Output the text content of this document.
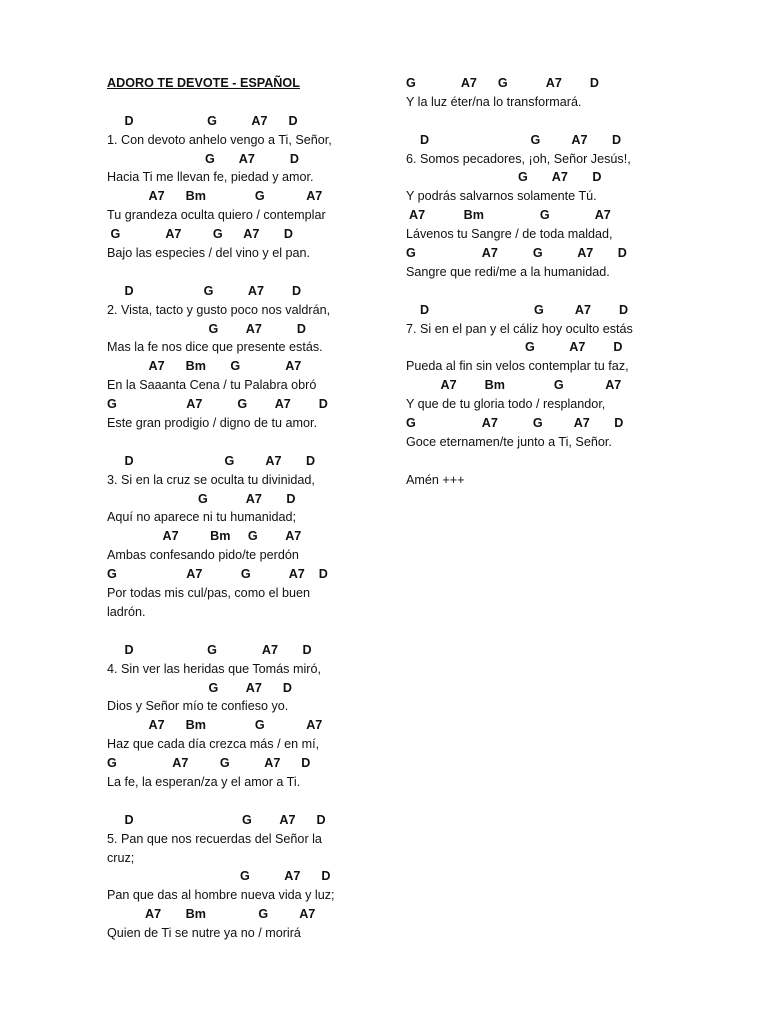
ADORO TE DEVOTE - ESPAÑOL
D                     G          A7      D
1. Con devoto anhelo vengo a Ti, Señor,
G       A7          D
Hacia Ti me llevan fe, piedad y amor.
A7      Bm              G            A7
Tu grandeza oculta quiero / contemplar
G             A7         G      A7       D
Bajo las especies / del vino y el pan.
D                    G          A7        D
2. Vista, tacto y gusto poco nos valdrán,
G        A7          D
Mas la fe nos dice que presente estás.
A7      Bm       G             A7
En la Saaanta Cena / tu Palabra obró
G                    A7          G        A7        D
Este gran prodigio / digno de tu amor.
D                          G         A7       D
3. Si en la cruz se oculta tu divinidad,
G           A7       D
Aquí no aparece ni tu humanidad;
A7         Bm     G        A7
Ambas confesando pido/te perdón
G                    A7           G           A7    D
Por todas mis cul/pas, como el buen
ladrón.
D                     G             A7       D
4. Sin ver las heridas que Tomás miró,
G        A7      D
Dios y Señor mío te confieso yo.
A7      Bm              G            A7
Haz que cada día crezca más / en mí,
G                A7         G          A7      D
La fe, la esperan/za y el amor a Ti.
D                               G        A7      D
5. Pan que nos recuerdas del Señor la
cruz;
G          A7      D
Pan que das al hombre nueva vida y luz;
A7       Bm               G         A7
Quien de Ti se nutre ya no / morirá
G             A7      G           A7        D
Y la luz éter/na lo transformará.
D                             G         A7       D
6. Somos pecadores, ¡oh, Señor Jesús!,
G       A7       D
Y podrás salvarnos solamente Tú.
A7           Bm                G             A7
Lávenos tu Sangre / de toda maldad,
G                   A7          G          A7       D
Sangre que redi/me a la humanidad.
D                              G         A7        D
7. Si en el pan y el cáliz hoy oculto estás
G          A7        D
Pueda al fin sin velos contemplar tu faz,
A7        Bm              G            A7
Y que de tu gloria todo / resplandor,
G                   A7          G         A7       D
Goce eternamen/te junto a Ti, Señor.
Amén +++
